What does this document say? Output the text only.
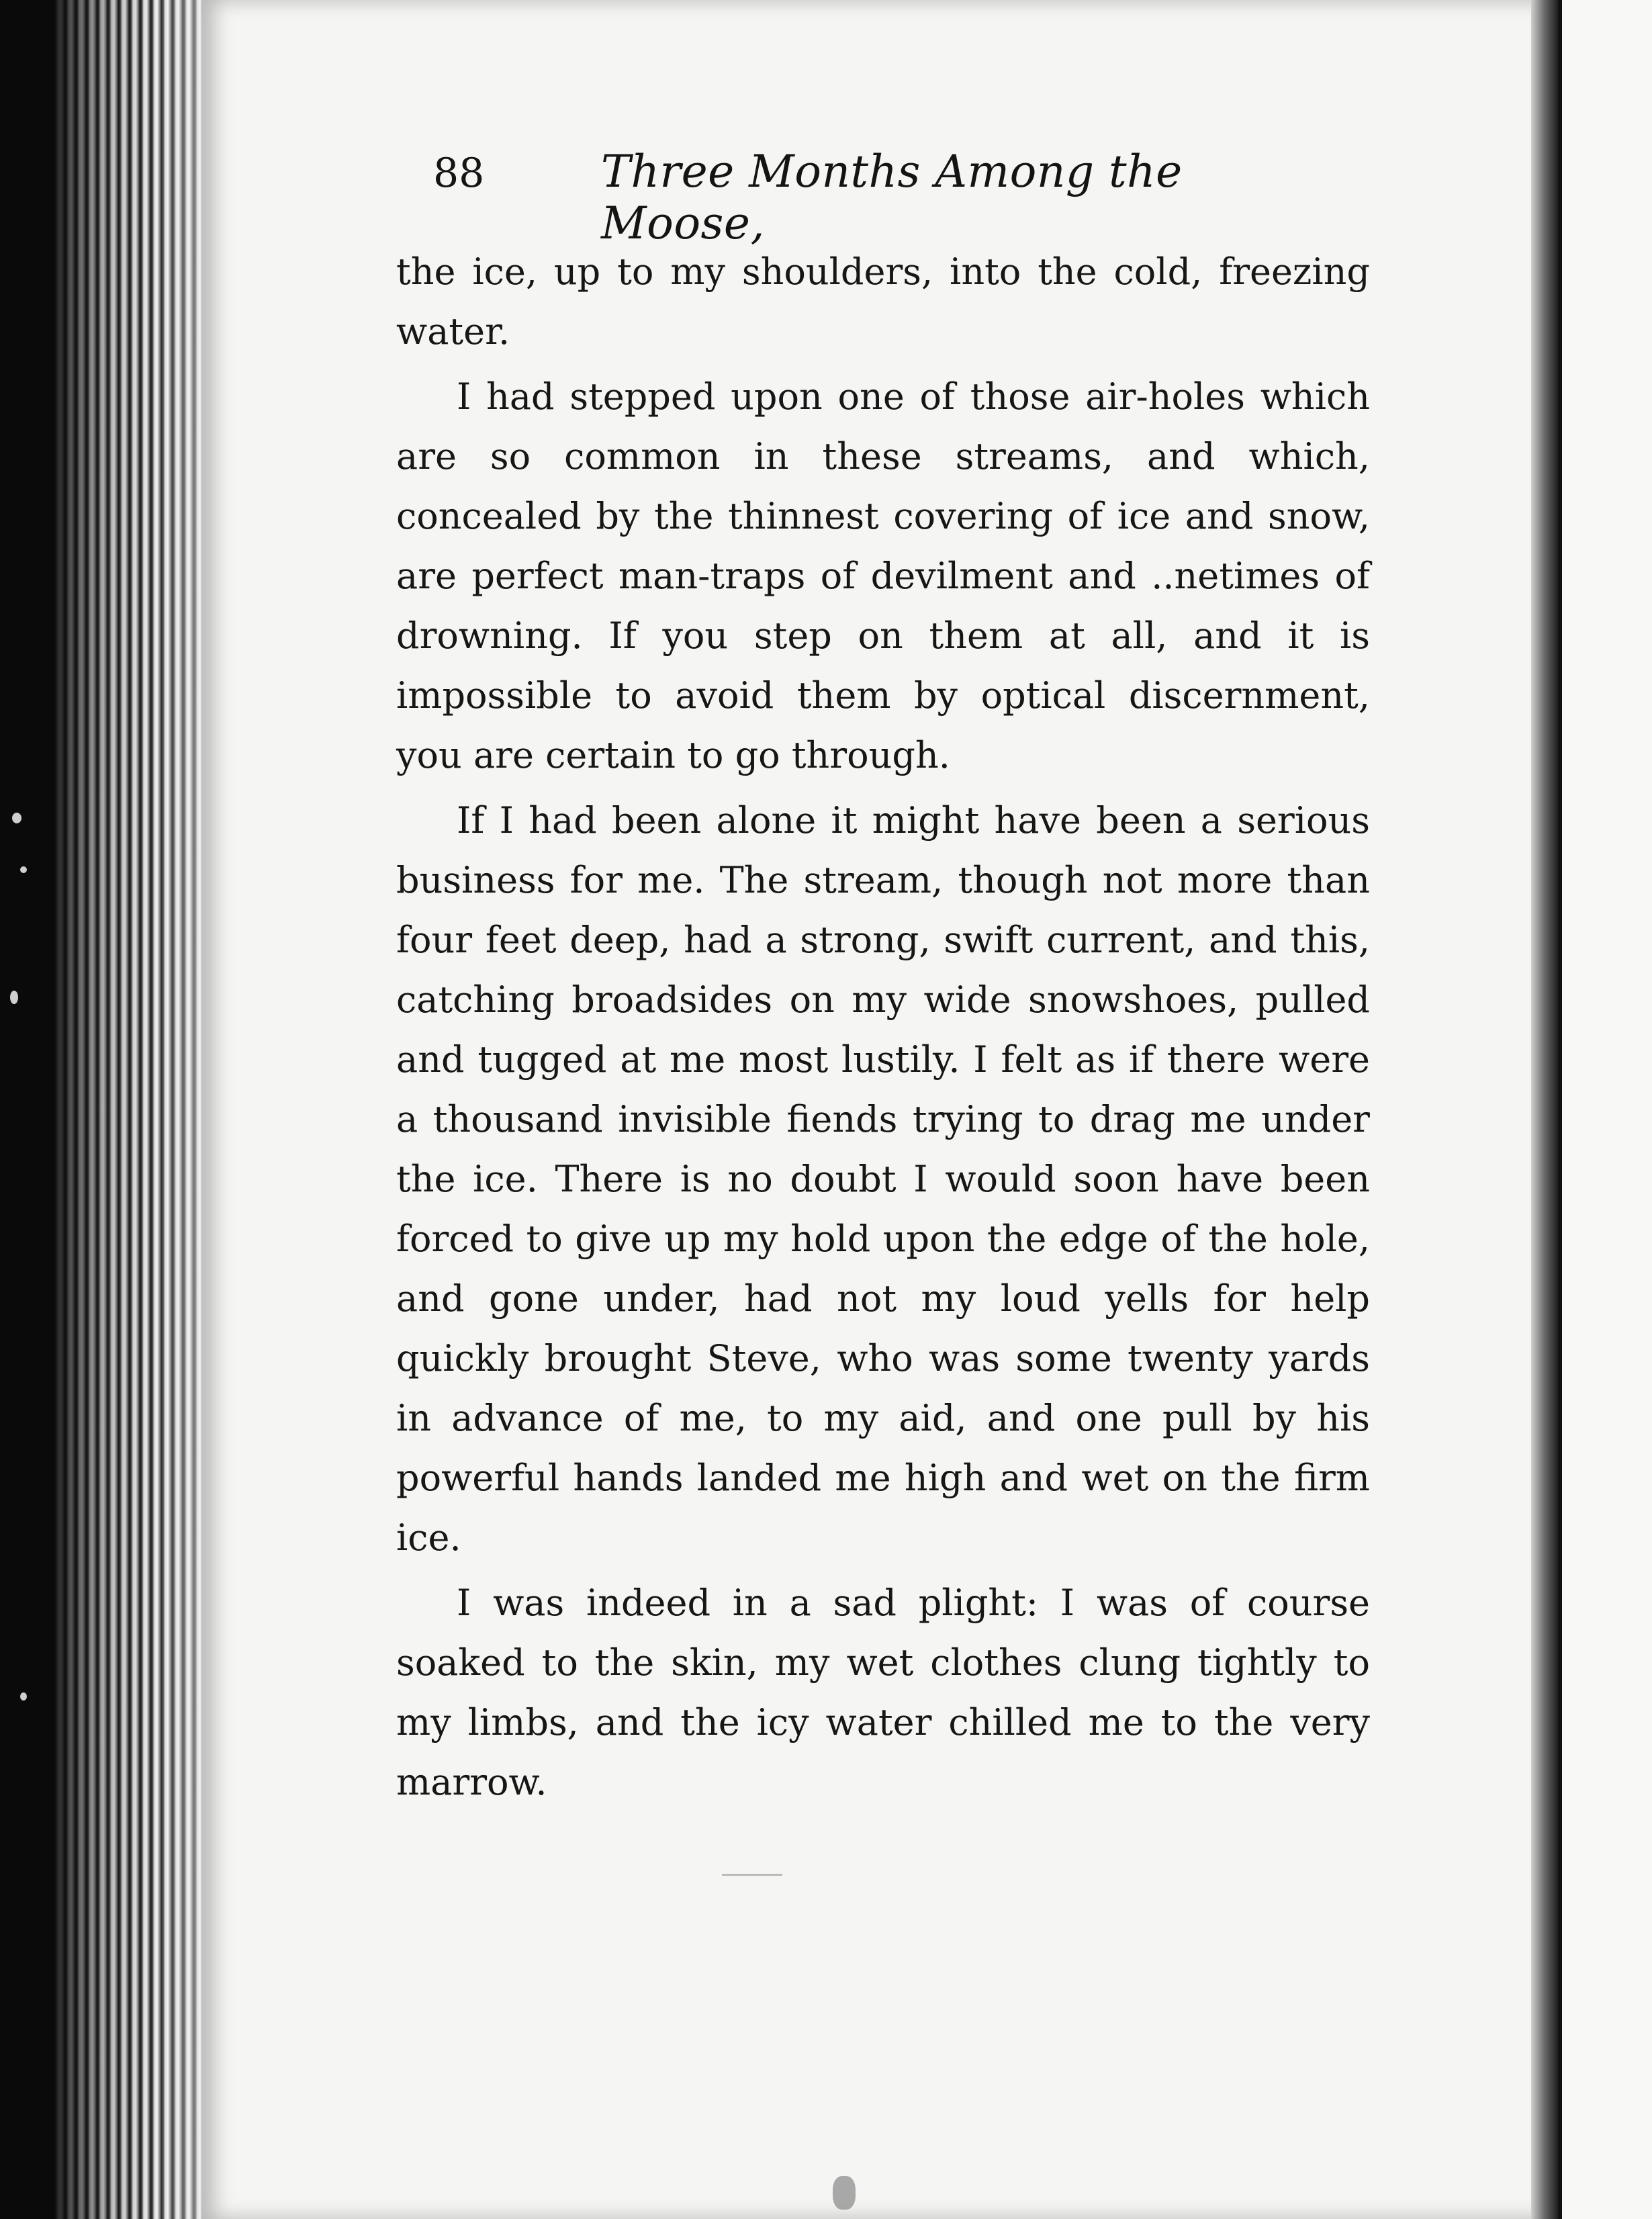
88	Three Months Among the Moose,

the ice, up to my shoulders, into the cold, freezing water.

I had stepped upon one of those air-holes which are so common in these streams, and which, concealed by the thinnest covering of ice and snow, are perfect man-traps of devilment and ..netimes of drowning. If you step on them at all, and it is impossible to avoid them by optical discernment, you are certain to go through.

If I had been alone it might have been a serious business for me. The stream, though not more than four feet deep, had a strong, swift current, and this, catching broadsides on my wide snowshoes, pulled and tugged at me most lustily. I felt as if there were a thousand invisible fiends trying to drag me under the ice. There is no doubt I would soon have been forced to give up my hold upon the edge of the hole, and gone under, had not my loud yells for help quickly brought Steve, who was some twenty yards in advance of me, to my aid, and one pull by his powerful hands landed me high and wet on the firm ice.

I was indeed in a sad plight: I was of course soaked to the skin, my wet clothes clung tightly to my limbs, and the icy water chilled me to the very marrow.
